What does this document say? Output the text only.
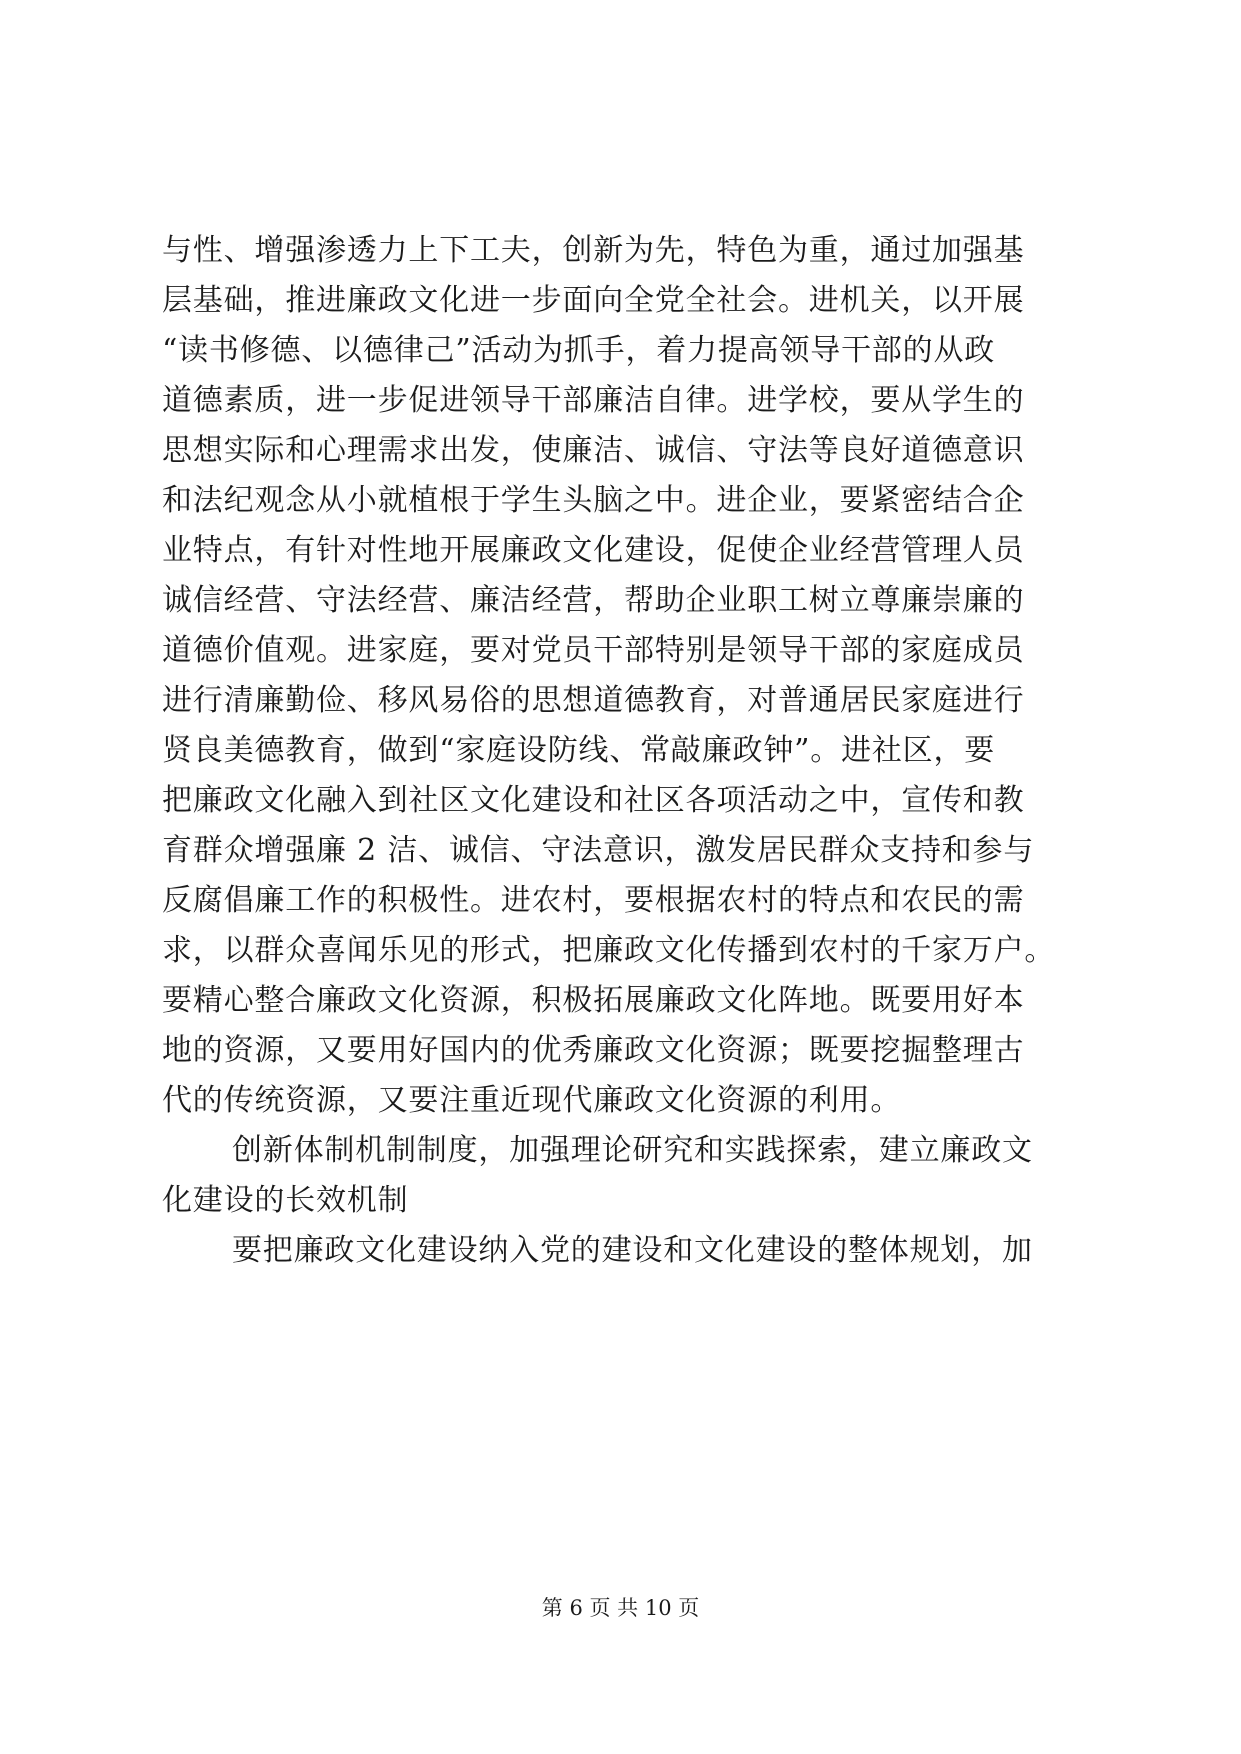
与性、增强渗透力上下工夫，创新为先，特色为重，通过加强基
层基础，推进廉政文化进一步面向全党全社会。进机关，以开展
“读书修德、以德律己”活动为抓手，着力提高领导干部的从政
道德素质，进一步促进领导干部廉洁自律。进学校，要从学生的
思想实际和心理需求出发，使廉洁、诚信、守法等良好道德意识
和法纪观念从小就植根于学生头脑之中。进企业，要紧密结合企
业特点，有针对性地开展廉政文化建设，促使企业经营管理人员
诚信经营、守法经营、廉洁经营，帮助企业职工树立尊廉崇廉的
道德价值观。进家庭，要对党员干部特别是领导干部的家庭成员
进行清廉勤俭、移风易俗的思想道德教育，对普通居民家庭进行
贤良美德教育，做到“家庭设防线、常敲廉政钟”。进社区，要
把廉政文化融入到社区文化建设和社区各项活动之中，宣传和教
育群众增强廉 2 洁、诚信、守法意识，激发居民群众支持和参与
反腐倡廉工作的积极性。进农村，要根据农村的特点和农民的需
求，以群众喜闻乐见的形式，把廉政文化传播到农村的千家万户。
要精心整合廉政文化资源，积极拓展廉政文化阵地。既要用好本
地的资源，又要用好国内的优秀廉政文化资源；既要挖掘整理古
代的传统资源，又要注重近现代廉政文化资源的利用。
创新体制机制制度，加强理论研究和实践探索，建立廉政文
化建设的长效机制
要把廉政文化建设纳入党的建设和文化建设的整体规划，加
第 6 页 共 10 页
